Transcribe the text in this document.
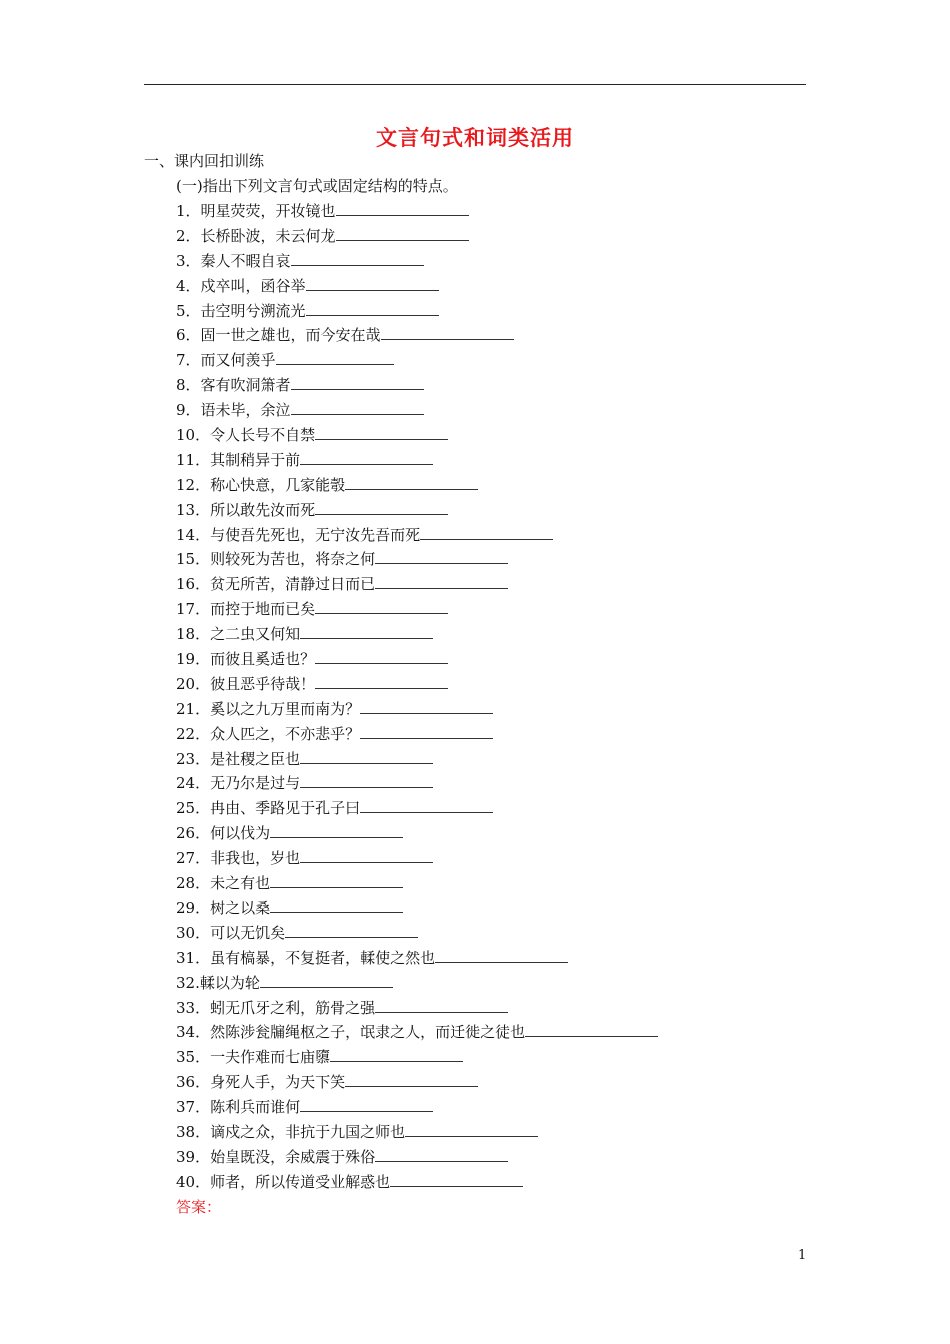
文言句式和词类活用
一、课内回扣训练
(一)指出下列文言句式或固定结构的特点。
1．明星荧荧，开妆镜也
2．长桥卧波，未云何龙
3．秦人不暇自哀
4．戍卒叫，函谷举
5．击空明兮溯流光
6．固一世之雄也，而今安在哉
7．而又何羡乎
8．客有吹洞箫者
9．语未毕，余泣
10．令人长号不自禁
11．其制稍异于前
12．称心快意，几家能彀
13．所以敢先汝而死
14．与使吾先死也，无宁汝先吾而死
15．则较死为苦也，将奈之何
16．贫无所苦，清静过日而已
17．而控于地而已矣
18．之二虫又何知
19．而彼且奚适也？
20．彼且恶乎待哉！
21．奚以之九万里而南为？
22．众人匹之，不亦悲乎？
23．是社稷之臣也
24．无乃尔是过与
25．冉由、季路见于孔子曰
26．何以伐为
27．非我也，岁也
28．未之有也
29．树之以桑
30．可以无饥矣
31．虽有槁暴，不复挺者，輮使之然也
32.輮以为轮
33．蚓无爪牙之利，筋骨之强
34．然陈涉瓮牖绳枢之子，氓隶之人，而迁徙之徒也
35．一夫作难而七庙隳
36．身死人手，为天下笑
37．陈利兵而谁何
38．谪戍之众，非抗于九国之师也
39．始皇既没，余威震于殊俗
40．师者，所以传道受业解惑也
答案：
1
